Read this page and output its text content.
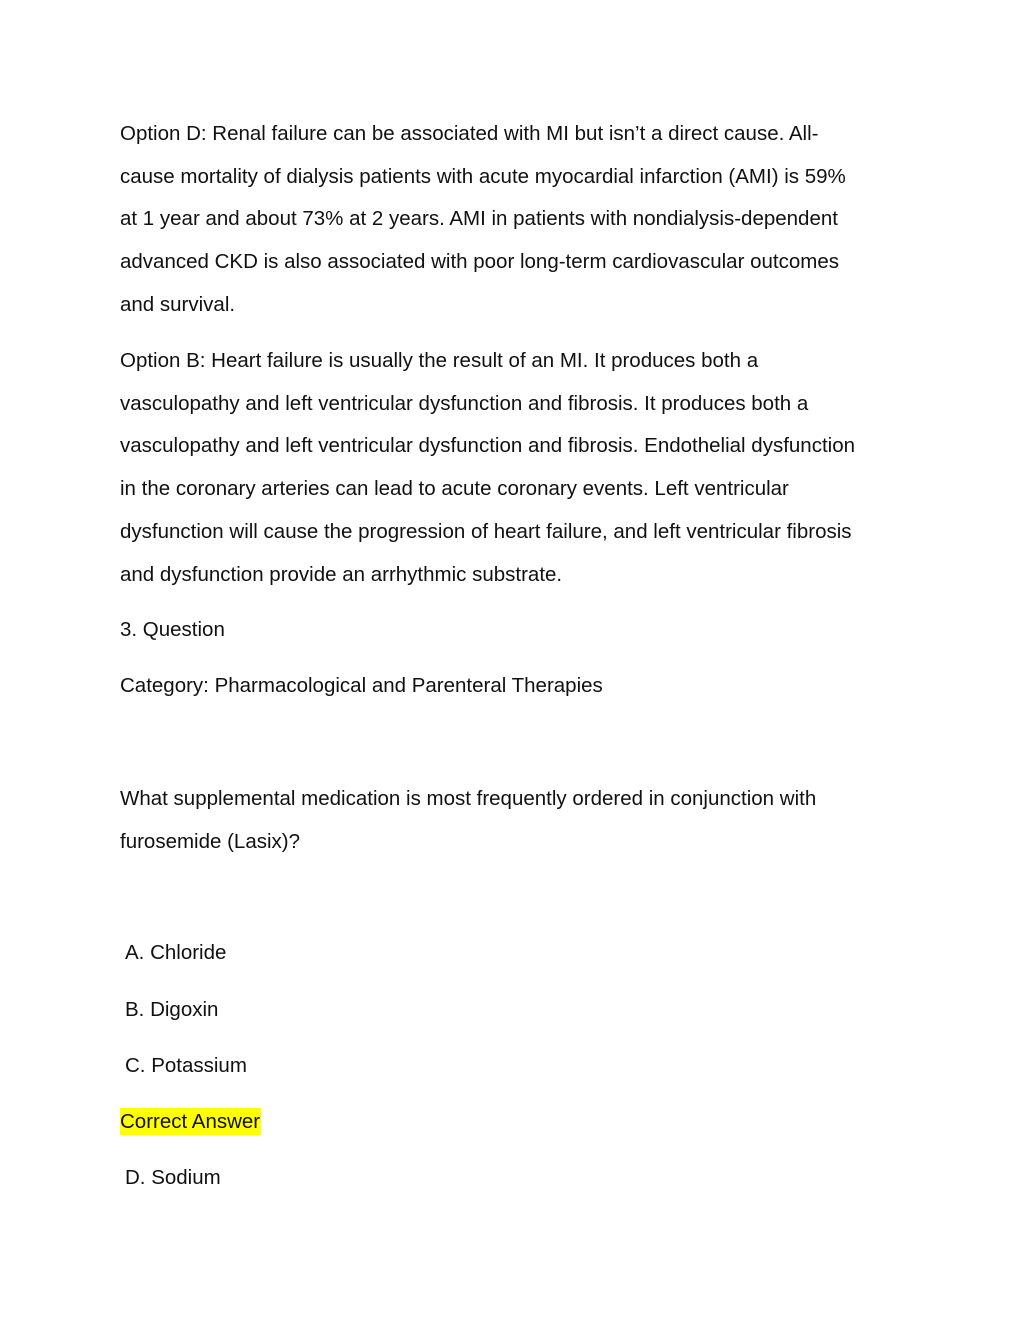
Option D: Renal failure can be associated with MI but isn’t a direct cause. All-
cause mortality of dialysis patients with acute myocardial infarction (AMI) is 59%
at 1 year and about 73% at 2 years. AMI in patients with nondialysis-dependent
advanced CKD is also associated with poor long-term cardiovascular outcomes
and survival.
Option B: Heart failure is usually the result of an MI. It produces both a
vasculopathy and left ventricular dysfunction and fibrosis. It produces both a
vasculopathy and left ventricular dysfunction and fibrosis. Endothelial dysfunction
in the coronary arteries can lead to acute coronary events. Left ventricular
dysfunction will cause the progression of heart failure, and left ventricular fibrosis
and dysfunction provide an arrhythmic substrate.
3. Question
Category: Pharmacological and Parenteral Therapies
What supplemental medication is most frequently ordered in conjunction with
furosemide (Lasix)?
A. Chloride
B. Digoxin
C. Potassium
Correct Answer
D. Sodium
